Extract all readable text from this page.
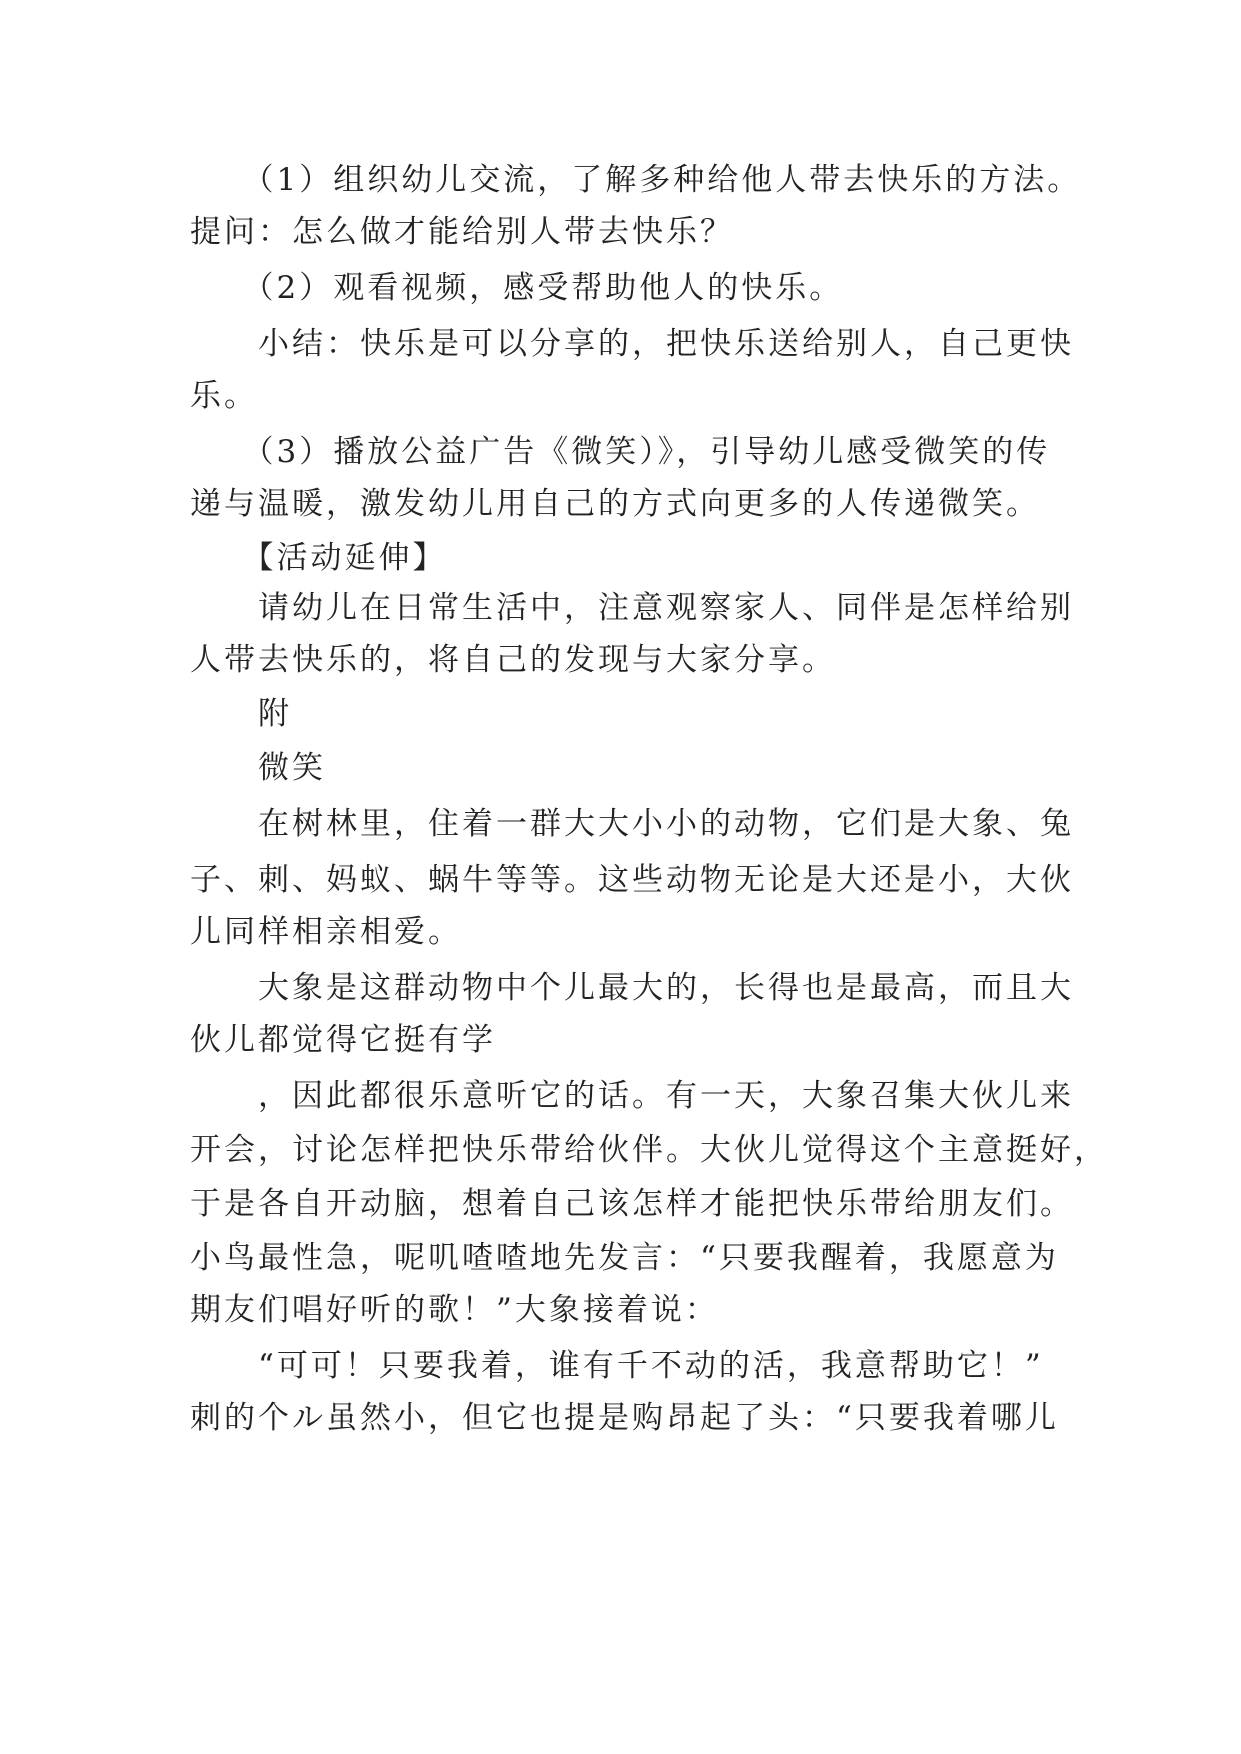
　　（1）组织幼儿交流，了解多种给他人带去快乐的方法。
提问：怎么做才能给别人带去快乐？
　　（2）观看视频，感受帮助他人的快乐。
　　小结：快乐是可以分享的，把快乐送给别人，自己更快
乐。
　　（3）播放公益广告《微笑）》，引导幼儿感受微笑的传
递与温暖，激发幼儿用自己的方式向更多的人传递微笑。
　　【活动延伸】
　　请幼儿在日常生活中，注意观察家人、同伴是怎样给别
人带去快乐的，将自己的发现与大家分享。
　　附
　　微笑
　　在树林里，住着一群大大小小的动物，它们是大象、兔
子、刺、妈蚁、蜗牛等等。这些动物无论是大还是小，大伙
儿同样相亲相爱。
　　大象是这群动物中个儿最大的，长得也是最高，而且大
伙儿都觉得它挺有学
　　，因此都很乐意听它的话。有一天，大象召集大伙儿来
开会，讨论怎样把快乐带给伙伴。大伙儿觉得这个主意挺好，
于是各自开动脑，想着自己该怎样才能把快乐带给朋友们。
小鸟最性急，呢叽喳喳地先发言：“只要我醒着，我愿意为
期友们唱好听的歌！”大象接着说：
　　“可可！只要我着，谁有千不动的活，我意帮助它！”
刺的个ル虽然小，但它也提是购昂起了头：“只要我着哪儿
